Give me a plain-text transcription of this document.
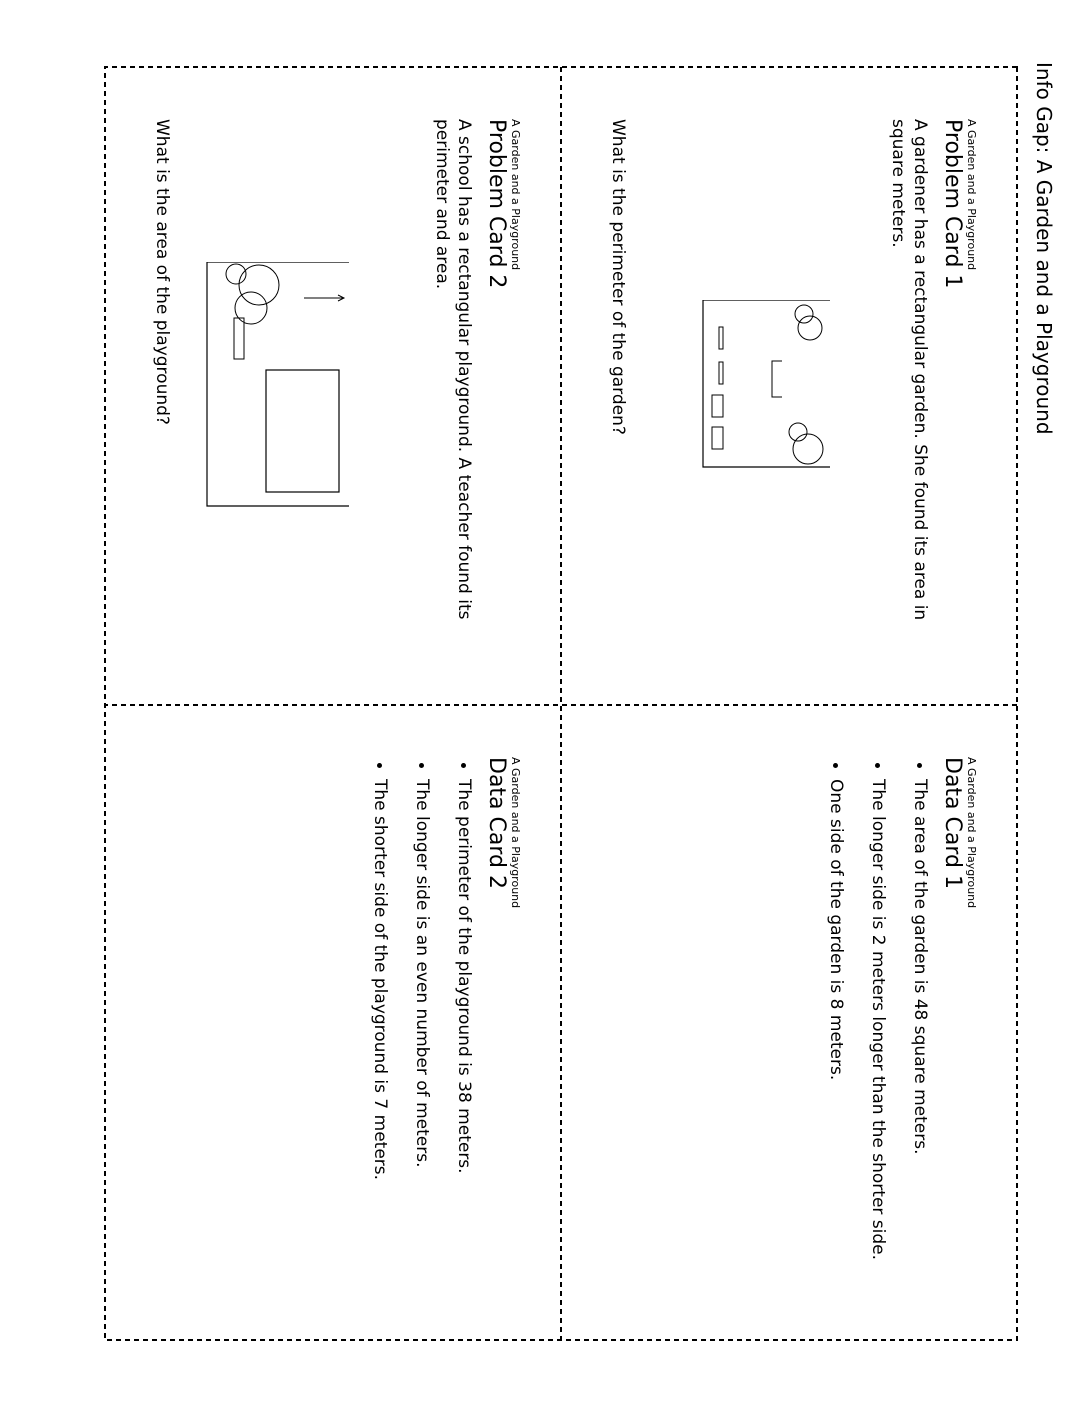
Info Gap: A Garden and a Playground
A Garden and a Playground
Problem Card 1
A gardener has a rectangular garden. She found its area in square meters.
What is the perimeter of the garden?
A Garden and a Playground
Data Card 1
• The area of the garden is 48 square meters.
• The longer side is 2 meters longer than the shorter side.
• One side of the garden is 8 meters.
A Garden and a Playground
Problem Card 2
A school has a rectangular playground. A teacher found its perimeter and area.
What is the area of the playground?
A Garden and a Playground
Data Card 2
• The perimeter of the playground is 38 meters.
• The longer side is an even number of meters.
• The shorter side of the playground is 7 meters.
